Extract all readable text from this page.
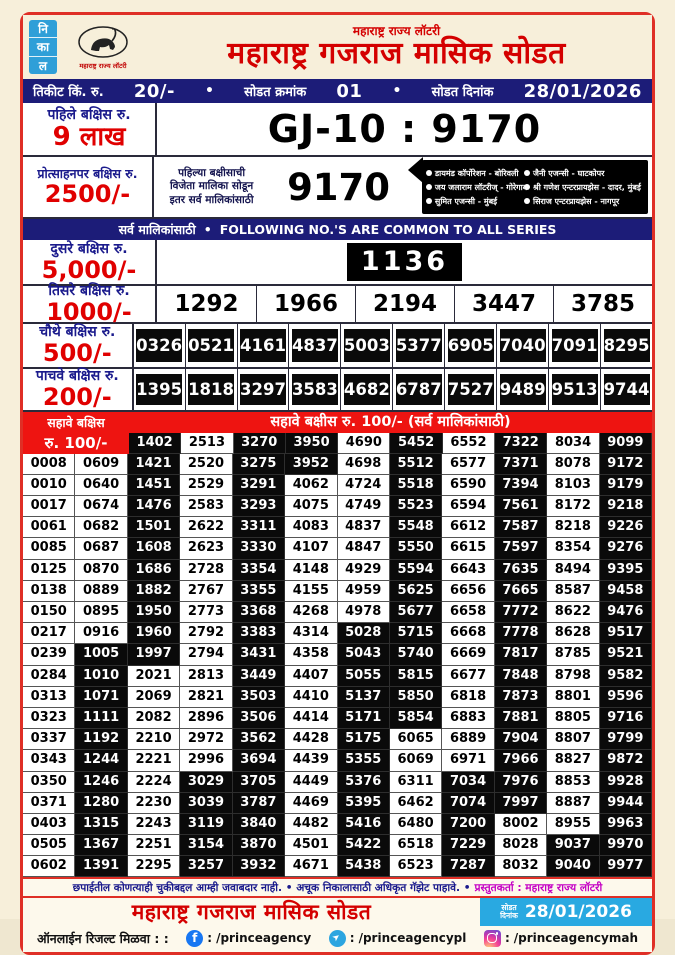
नि
का
ल	महाराष्ट्र राज्य लॉटरी
महाराष्ट्र राज्य लॉटरी
महाराष्ट्र गजराज मासिक सोडत
तिकीट किं. रु. 20/- • सोडत क्रमांक 01 • सोडत दिनांक 28/01/2026
पहिले बक्षिस रु.
9 लाख	GJ-10 : 9170
प्रोत्साहनपर बक्षिस रु.
2500/-
पहिल्या बक्षीसाची
विजेता मालिका सोडून
इतर सर्व मालिकांसाठी 9170	डायमंड कॉर्पोरेशन - बोरिवली	जैनी एजन्सी - घाटकोपर
जय जलाराम लॉटरीज् - गोरेगाव श्री गणेश एन्टरप्रायझेस - दादर, मुंबई
सुमित एजन्सी - मुंबई	सिराज एन्टरप्रायझेस - नागपूर
सर्व मालिकांसाठी • FOLLOWING NO.'S ARE COMMON TO ALL SERIES
दुसरे बक्षिस रु.
5,000/-	1136
तिसरे बक्षिस रु.
1000/-	1292	1966	2194	3447	3785
चौथे बक्षिस रु.
500/- 0326 0521 4161 4837 5003 5377 6905 7040 7091 8295
पाचवे बक्षिस रु.
200/- 1395 1818 3297 3583 4682 6787 7527 9489 9513 9744
सहावे बक्षिस
रु. 100/-
सहावे बक्षीस रु. 100/- (सर्व मालिकांसाठी)
1402	2513	3270	3950	4690	5452	6552	7322	8034	9099
0008	0609	1421	2520	3275	3952	4698	5512	6577	7371	8078	9172
0010	0640	1451	2529	3291	4062	4724	5518	6590	7394	8103	9179
0017	0674	1476	2583	3293	4075	4749	5523	6594	7561	8172	9218
0061	0682	1501	2622	3311	4083	4837	5548	6612	7587	8218	9226
0085	0687	1608	2623	3330	4107	4847	5550	6615	7597	8354	9276
0125	0870	1686	2728	3354	4148	4929	5594	6643	7635	8494	9395
0138	0889	1882	2767	3355	4155	4959	5625	6656	7665	8587	9458
0150	0895	1950	2773	3368	4268	4978	5677	6658	7772	8622	9476
0217	0916	1960	2792	3383	4314	5028	5715	6668	7778	8628	9517
0239	1005	1997	2794	3431	4358	5043	5740	6669	7817	8785	9521
0284	1010	2021	2813	3449	4407	5055	5815	6677	7848	8798	9582
0313	1071	2069	2821	3503	4410	5137	5850	6818	7873	8801	9596
0323	1111	2082	2896	3506	4414	5171	5854	6883	7881	8805	9716
0337	1192	2210	2972	3562	4428	5175	6065	6889	7904	8807	9799
0343	1244	2221	2996	3694	4439	5355	6069	6971	7966	8827	9872
0350	1246	2224	3029	3705	4449	5376	6311	7034	7976	8853	9928
0371	1280	2230	3039	3787	4469	5395	6462	7074	7997	8887	9944
0403	1315	2243	3119	3840	4482	5416	6480	7200	8002	8955	9963
0505	1367	2251	3154	3870	4501	5422	6518	7229	8028	9037	9970
0602	1391	2295	3257	3932	4671	5438	6523	7287	8032	9040	9977
छपाईतील कोणत्याही चुकीबद्दल आम्ही जवाबदार नाही. • अचूक निकालासाठी अधिकृत गॅझेट पाहावे. • प्रस्तुतकर्ता : महाराष्ट्र राज्य लॉटरी
महाराष्ट्र गजराज मासिक सोडत	सोडत
दिनांक 28/01/2026
ऑनलाईन रिजल्ट मिळवा : :	f : /princeagency ➤ : /princeagencypl	: /princeagencymah
